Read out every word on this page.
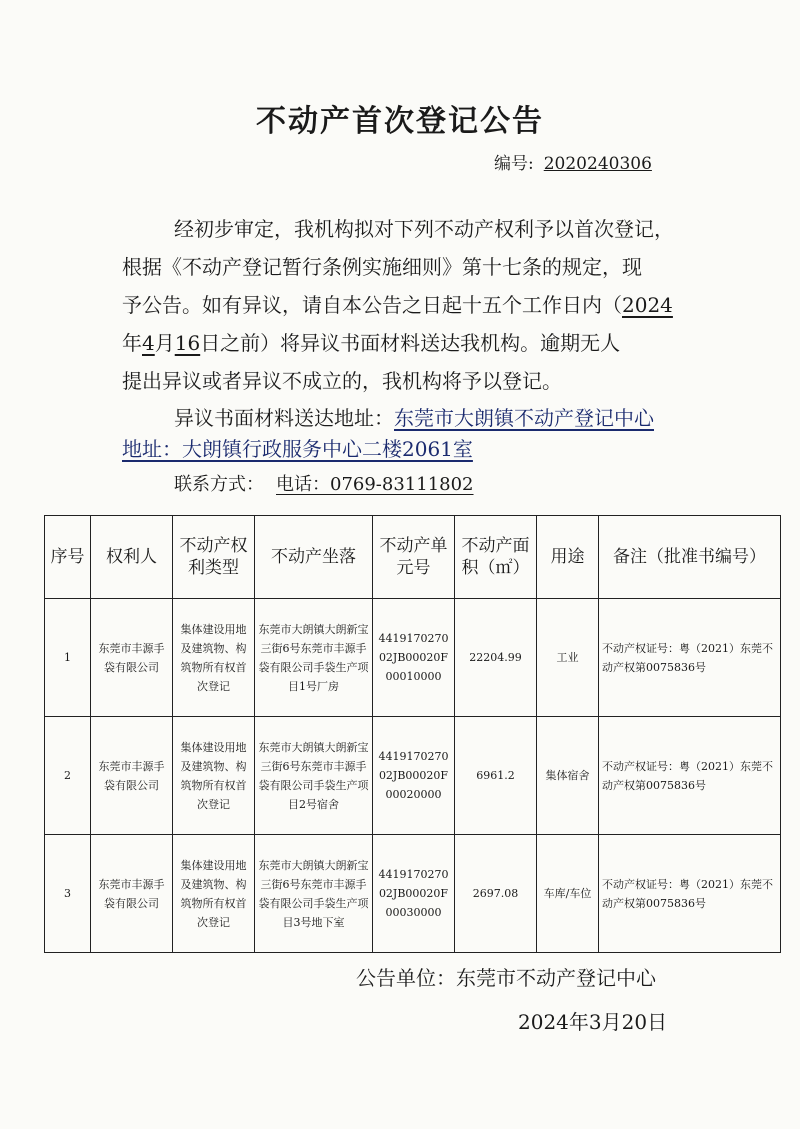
不动产首次登记公告
编号: 2020240306
经初步审定，我机构拟对下列不动产权利予以首次登记，
根据《不动产登记暂行条例实施细则》第十七条的规定，现
予公告。如有异议，请自本公告之日起十五个工作日内（2024
年4月16日之前）将异议书面材料送达我机构。逾期无人
提出异议或者异议不成立的，我机构将予以登记。
异议书面材料送达地址：东莞市大朗镇不动产登记中心
地址：大朗镇行政服务中心二楼2061室
联系方式： 电话：0769-83111802
序号	权利人	不动产权利类型	不动产坐落	不动产单元号	不动产面积（㎡）	用途	备注（批准书编号）
1	东莞市丰源手袋有限公司	集体建设用地及建筑物、构筑物所有权首次登记	东莞市大朗镇大朗新宝三街6号东莞市丰源手袋有限公司手袋生产项目1号厂房	441917027002JB00020F00010000	22204.99	工业	不动产权证号：粤（2021）东莞不动产权第0075836号
2	东莞市丰源手袋有限公司	集体建设用地及建筑物、构筑物所有权首次登记	东莞市大朗镇大朗新宝三街6号东莞市丰源手袋有限公司手袋生产项目2号宿舍	441917027002JB00020F00020000	6961.2	集体宿舍	不动产权证号：粤（2021）东莞不动产权第0075836号
3	东莞市丰源手袋有限公司	集体建设用地及建筑物、构筑物所有权首次登记	东莞市大朗镇大朗新宝三街6号东莞市丰源手袋有限公司手袋生产项目3号地下室	441917027002JB00020F00030000	2697.08	车库/车位	不动产权证号：粤（2021）东莞不动产权第0075836号
公告单位：东莞市不动产登记中心
2024年3月20日
